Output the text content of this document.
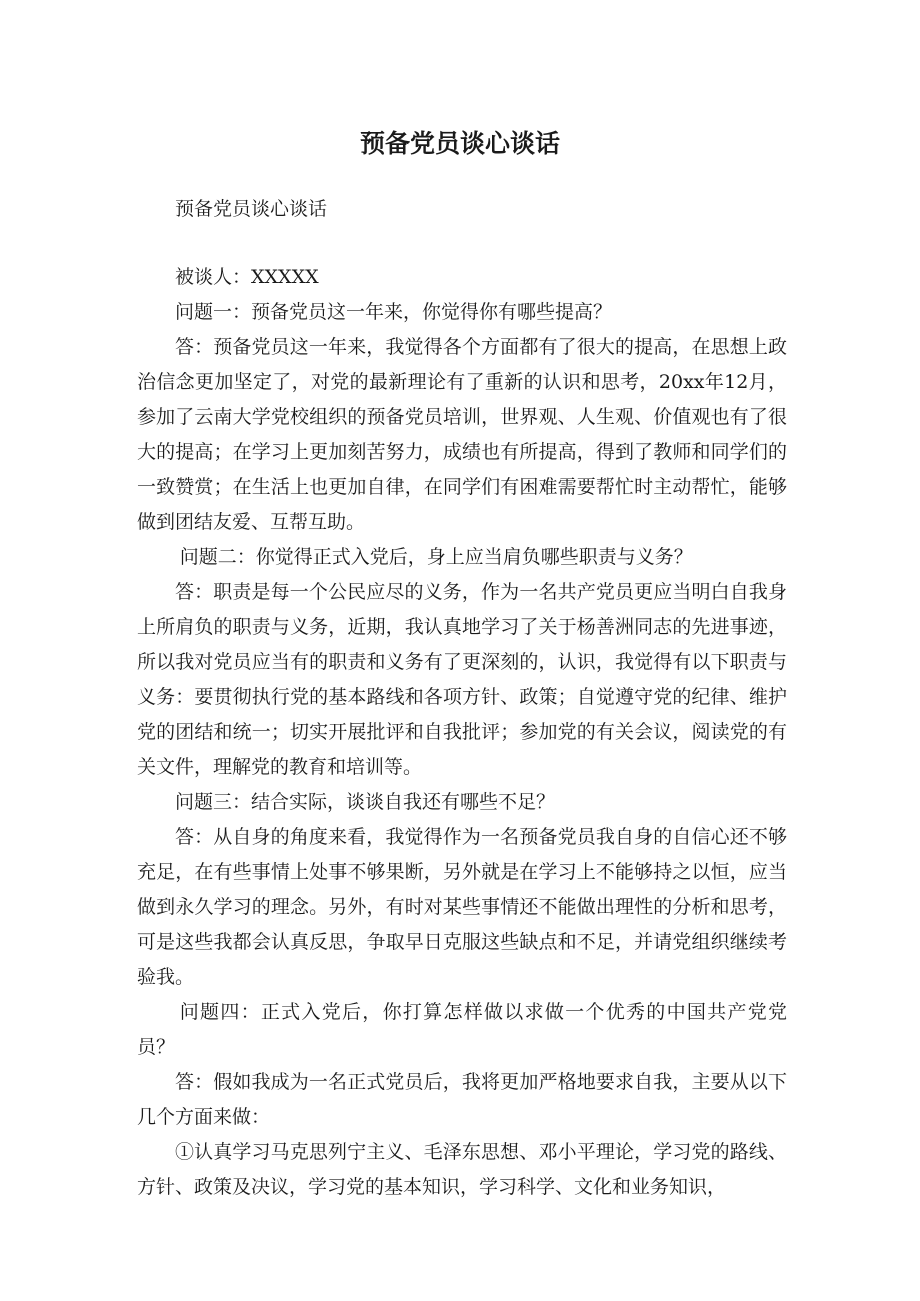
预备党员谈心谈话

预备党员谈心谈话

被谈人：XXXXX

问题一：预备党员这一年来，你觉得你有哪些提高？

答：预备党员这一年来，我觉得各个方面都有了很大的提高，在思想上政治信念更加坚定了，对党的最新理论有了重新的认识和思考，20xx年12月，参加了云南大学党校组织的预备党员培训，世界观、人生观、价值观也有了很大的提高；在学习上更加刻苦努力，成绩也有所提高，得到了教师和同学们的一致赞赏；在生活上也更加自律，在同学们有困难需要帮忙时主动帮忙，能够做到团结友爱、互帮互助。

问题二：你觉得正式入党后，身上应当肩负哪些职责与义务？

答：职责是每一个公民应尽的义务，作为一名共产党员更应当明白自我身上所肩负的职责与义务，近期，我认真地学习了关于杨善洲同志的先进事迹，所以我对党员应当有的职责和义务有了更深刻的，认识，我觉得有以下职责与义务：要贯彻执行党的基本路线和各项方针、政策；自觉遵守党的纪律、维护党的团结和统一；切实开展批评和自我批评；参加党的有关会议，阅读党的有关文件，理解党的教育和培训等。

问题三：结合实际，谈谈自我还有哪些不足？

答：从自身的角度来看，我觉得作为一名预备党员我自身的自信心还不够充足，在有些事情上处事不够果断，另外就是在学习上不能够持之以恒，应当做到永久学习的理念。另外，有时对某些事情还不能做出理性的分析和思考，可是这些我都会认真反思，争取早日克服这些缺点和不足，并请党组织继续考验我。

问题四：正式入党后，你打算怎样做以求做一个优秀的中国共产党党员？

答：假如我成为一名正式党员后，我将更加严格地要求自我，主要从以下几个方面来做：

①认真学习马克思列宁主义、毛泽东思想、邓小平理论，学习党的路线、方针、政策及决议，学习党的基本知识，学习科学、文化和业务知识，
